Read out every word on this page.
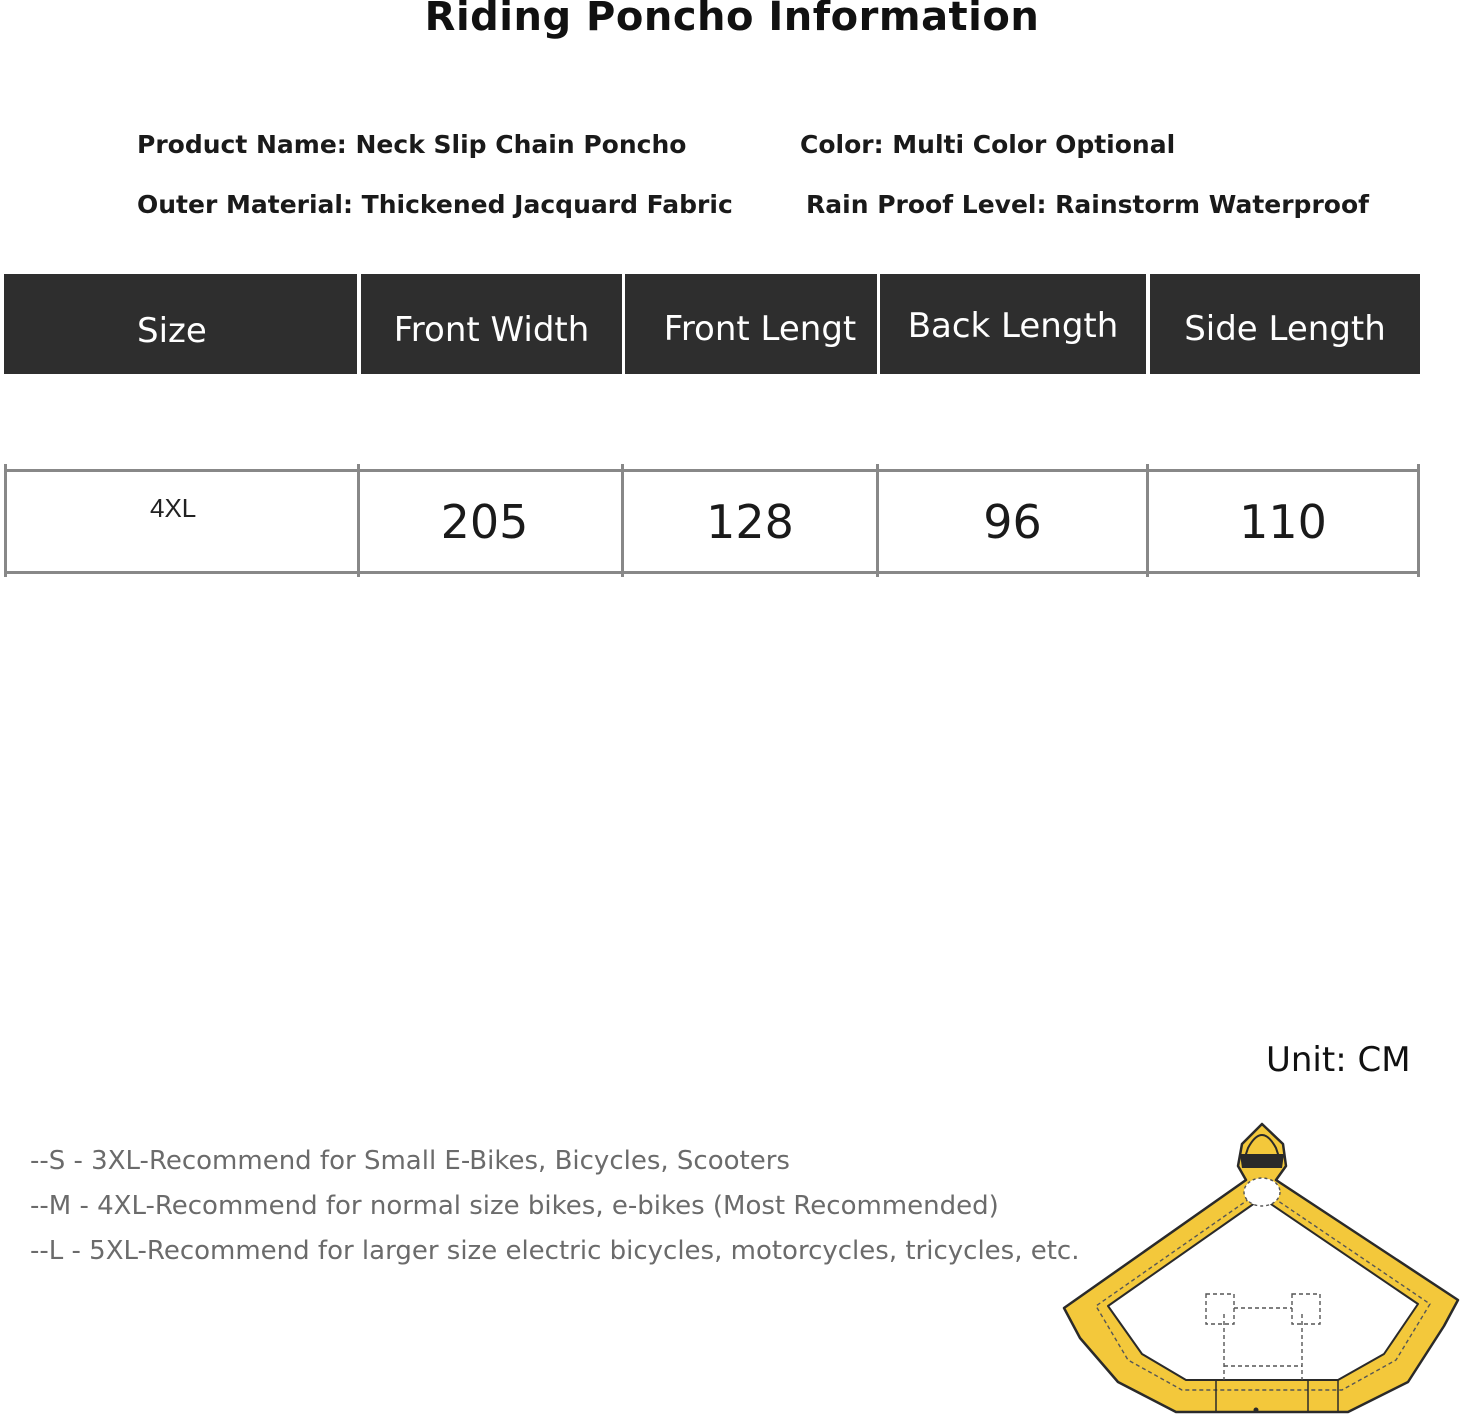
Riding Poncho Information
Product Name: Neck Slip Chain Poncho	Color: Multi Color Optional
Outer Material: Thickened Jacquard Fabric	Rain Proof Level: Rainstorm Waterproof
Size	Front Width	Front Lengt	Back Length	Side Length
4XL	205	128	96	110
Unit: CM
--S - 3XL-Recommend for Small E-Bikes, Bicycles, Scooters
--M - 4XL-Recommend for normal size bikes, e-bikes (Most Recommended)
--L - 5XL-Recommend for larger size electric bicycles, motorcycles, tricycles, etc.
